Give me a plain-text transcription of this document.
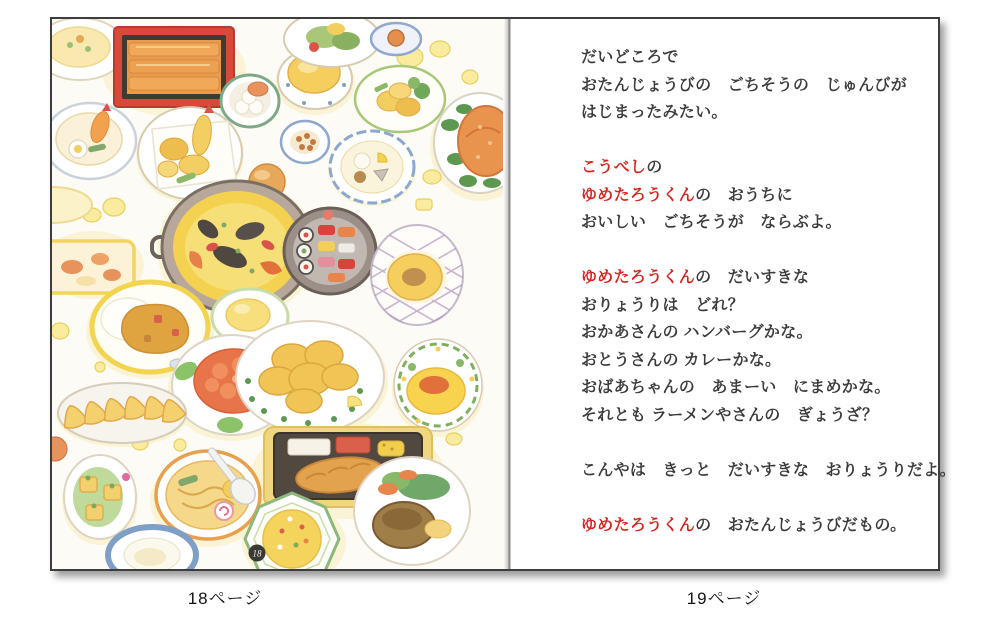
18

だいどころで
おたんじょうびの　ごちそうの　じゅんびが
はじまったみたい。

こうべしの
ゆめたろうくんの　おうちに
おいしい　ごちそうが　ならぶよ。

ゆめたろうくんの　だいすきな
おりょうりは　どれ？
おかあさんの ハンバーグかな。
おとうさんの カレーかな。
おばあちゃんの　あまーい　にまめかな。
それとも ラーメンやさんの　ぎょうざ？

こんやは　きっと　だいすきな　おりょうりだよ。

ゆめたろうくんの　おたんじょうびだもの。

18ページ	19ページ
